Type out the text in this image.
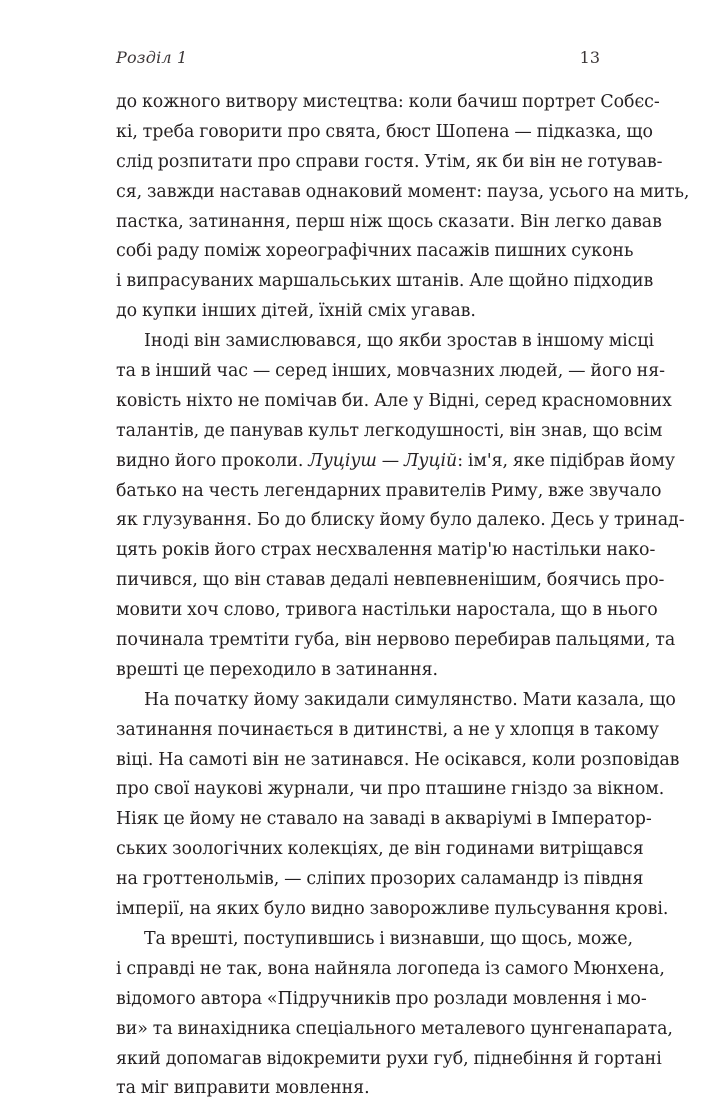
Розділ 1	13
до кожного витвору мистецтва: коли бачиш портрет Собєс-
кі, треба говорити про свята, бюст Шопена — підказка, що
слід розпитати про справи гостя. Утім, як би він не готував-
ся, завжди наставав однаковий момент: пауза, усього на мить,
пастка, затинання, перш ніж щось сказати. Він легко давав
собі раду поміж хореографічних пасажів пишних суконь
і випрасуваних маршальських штанів. Але щойно підходив
до купки інших дітей, їхній сміх угавав.
Іноді він замислювався, що якби зростав в іншому місці
та в інший час — серед інших, мовчазних людей, — його ня-
ковість ніхто не помічав би. Але у Відні, серед красномовних
талантів, де панував культ легкодушності, він знав, що всім
видно його проколи. Луціуш — Луцій: ім'я, яке підібрав йому
батько на честь легендарних правителів Риму, вже звучало
як глузування. Бо до блиску йому було далеко. Десь у тринад-
цять років його страх несхвалення матір'ю настільки нако-
пичився, що він ставав дедалі невпевненішим, боячись про-
мовити хоч слово, тривога настільки наростала, що в нього
починала тремтіти губа, він нервово перебирав пальцями, та
врешті це переходило в затинання.
На початку йому закидали симулянство. Мати казала, що
затинання починається в дитинстві, а не у хлопця в такому
віці. На самоті він не затинався. Не осікався, коли розповідав
про свої наукові журнали, чи про пташине гніздо за вікном.
Ніяк це йому не ставало на заваді в акваріумі в Імператор-
ських зоологічних колекціях, де він годинами витріщався
на гроттенольмів, — сліпих прозорих саламандр із півдня
імперії, на яких було видно заворожливе пульсування крові.
Та врешті, поступившись і визнавши, що щось, може,
і справді не так, вона найняла логопеда із самого Мюнхена,
відомого автора «Підручників про розлади мовлення і мо-
ви» та винахідника спеціального металевого цунгенапарата,
який допомагав відокремити рухи губ, піднебіння й гортані
та міг виправити мовлення.
